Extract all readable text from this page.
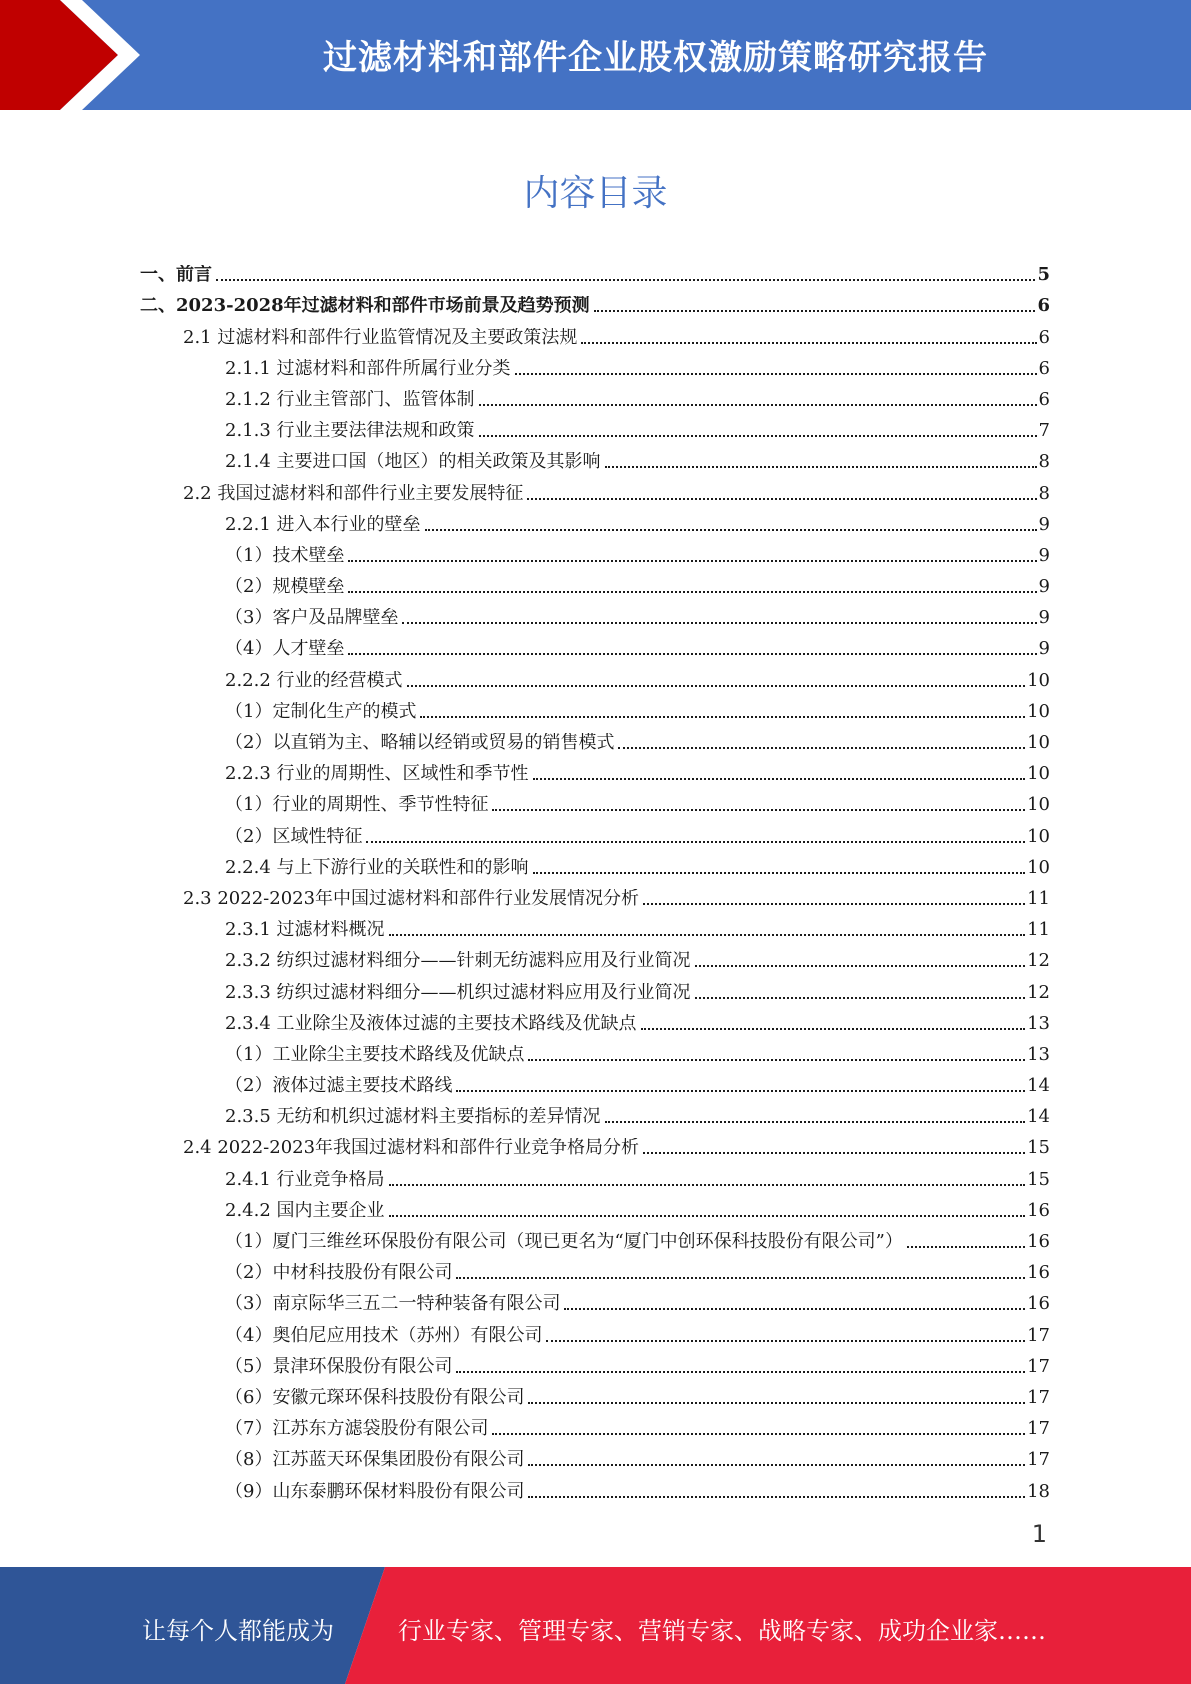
过滤材料和部件企业股权激励策略研究报告
内容目录
一、前言	5
二、2023-2028年过滤材料和部件市场前景及趋势预测	6
2.1 过滤材料和部件行业监管情况及主要政策法规	6
2.1.1 过滤材料和部件所属行业分类	6
2.1.2 行业主管部门、监管体制	6
2.1.3 行业主要法律法规和政策	7
2.1.4 主要进口国（地区）的相关政策及其影响	8
2.2 我国过滤材料和部件行业主要发展特征	8
2.2.1 进入本行业的壁垒	9
（1）技术壁垒	9
（2）规模壁垒	9
（3）客户及品牌壁垒	9
（4）人才壁垒	9
2.2.2 行业的经营模式	10
（1）定制化生产的模式	10
（2）以直销为主、略辅以经销或贸易的销售模式	10
2.2.3 行业的周期性、区域性和季节性	10
（1）行业的周期性、季节性特征	10
（2）区域性特征	10
2.2.4 与上下游行业的关联性和的影响	10
2.3 2022-2023年中国过滤材料和部件行业发展情况分析	11
2.3.1 过滤材料概况	11
2.3.2 纺织过滤材料细分——针刺无纺滤料应用及行业简况	12
2.3.3 纺织过滤材料细分——机织过滤材料应用及行业简况	12
2.3.4 工业除尘及液体过滤的主要技术路线及优缺点	13
（1）工业除尘主要技术路线及优缺点	13
（2）液体过滤主要技术路线	14
2.3.5 无纺和机织过滤材料主要指标的差异情况	14
2.4 2022-2023年我国过滤材料和部件行业竞争格局分析	15
2.4.1 行业竞争格局	15
2.4.2 国内主要企业	16
（1）厦门三维丝环保股份有限公司（现已更名为“厦门中创环保科技股份有限公司”）	16
（2）中材科技股份有限公司	16
（3）南京际华三五二一特种装备有限公司	16
（4）奥伯尼应用技术（苏州）有限公司	17
（5）景津环保股份有限公司	17
（6）安徽元琛环保科技股份有限公司	17
（7）江苏东方滤袋股份有限公司	17
（8）江苏蓝天环保集团股份有限公司	17
（9）山东泰鹏环保材料股份有限公司	18
1
让每个人都能成为	行业专家、管理专家、营销专家、战略专家、成功企业家……
